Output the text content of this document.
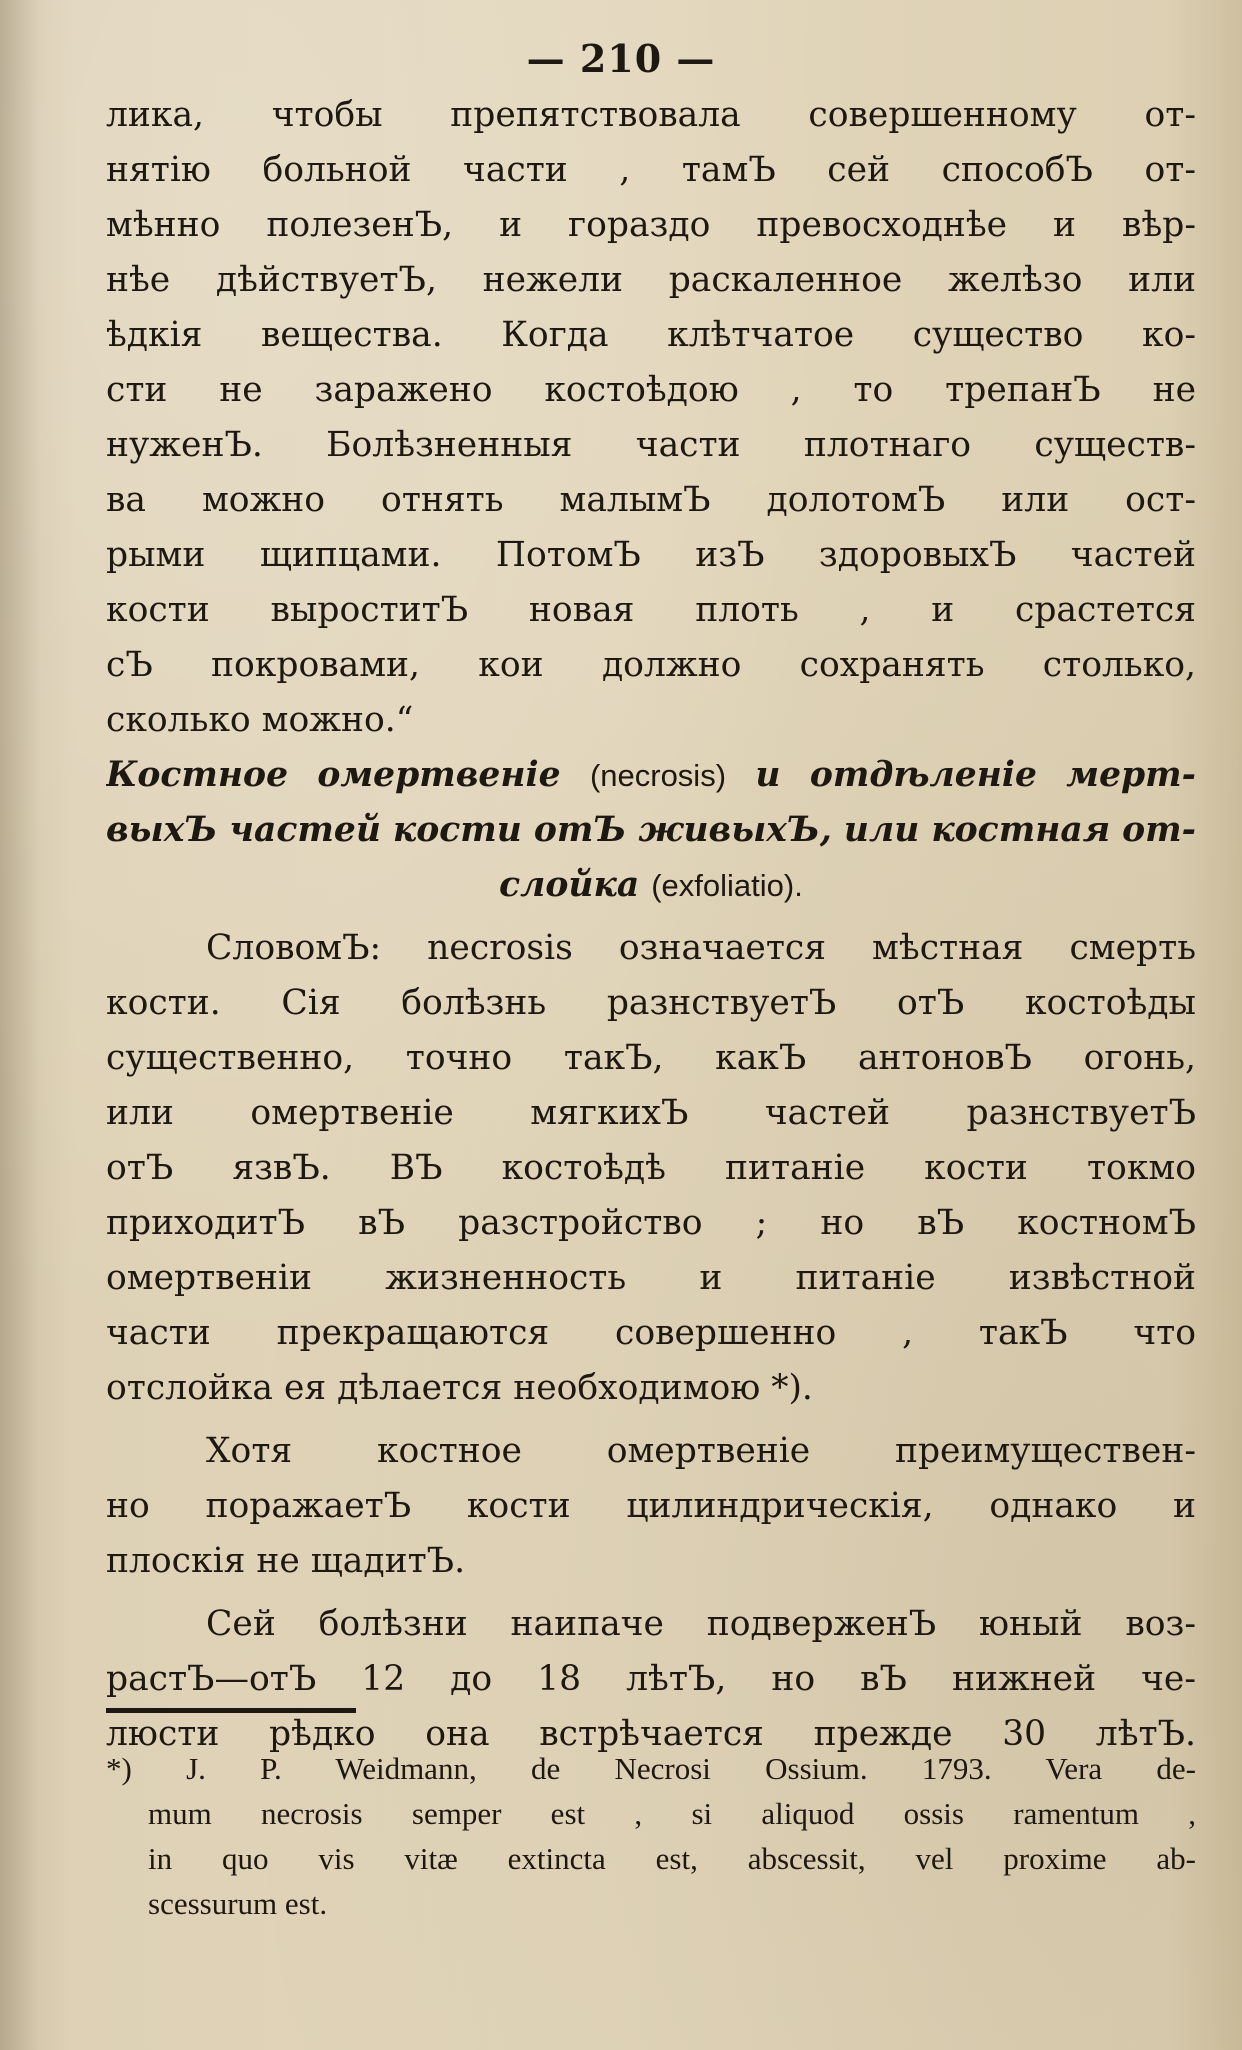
— 210 —
лика, чтобы препятствовала совершенному от-
нятію больной части , тамЪ сей способЪ от-
мѣнно полезенЪ, и гораздо превосходнѣе и вѣр-
нѣе дѣйствуетЪ, нежели раскаленное желѣзо или
ѣдкія вещества. Когда клѣтчатое существо ко-
сти не заражено костоѣдою , то трепанЪ не
нуженЪ. Болѣзненныя части плотнаго существ-
ва можно отнять малымЪ долотомЪ или ост-
рыми щипцами. ПотомЪ изЪ здоровыхЪ частей
кости выроститЪ новая плоть , и срастется
сЪ покровами, кои должно сохранять столько,
сколько можно.“
Костное омертвеніе (necrosis) и отдѣленіе мерт-
выхЪ частей кости отЪ живыхЪ, или костная от-
слойка (exfoliatio).
СловомЪ: necrosis означается мѣстная смерть
кости. Сія болѣзнь разнствуетЪ отЪ костоѣды
существенно, точно такЪ, какЪ антоновЪ огонь,
или омертвеніе мягкихЪ частей разнствуетЪ
отЪ язвЪ. ВЪ костоѣдѣ питаніе кости токмо
приходитЪ вЪ разстройство ; но вЪ костномЪ
омертвеніи жизненность и питаніе извѣстной
части прекращаются совершенно , такЪ что
отслойка ея дѣлается необходимою *).
Хотя костное омертвеніе преимуществен-
но поражаетЪ кости цилиндрическія, однако и
плоскія не щадитЪ.
Сей болѣзни наипаче подверженЪ юный воз-
растЪ—отЪ 12 до 18 лѣтЪ, но вЪ нижней че-
люсти рѣдко она встрѣчается прежде 30 лѣтЪ.
*) J. P. Weidmann, de Necrosi Ossium. 1793. Vera de-
mum necrosis semper est , si aliquod ossis ramentum ,
in quo vis vitæ extincta est, abscessit, vel proxime ab-
scessurum est.
